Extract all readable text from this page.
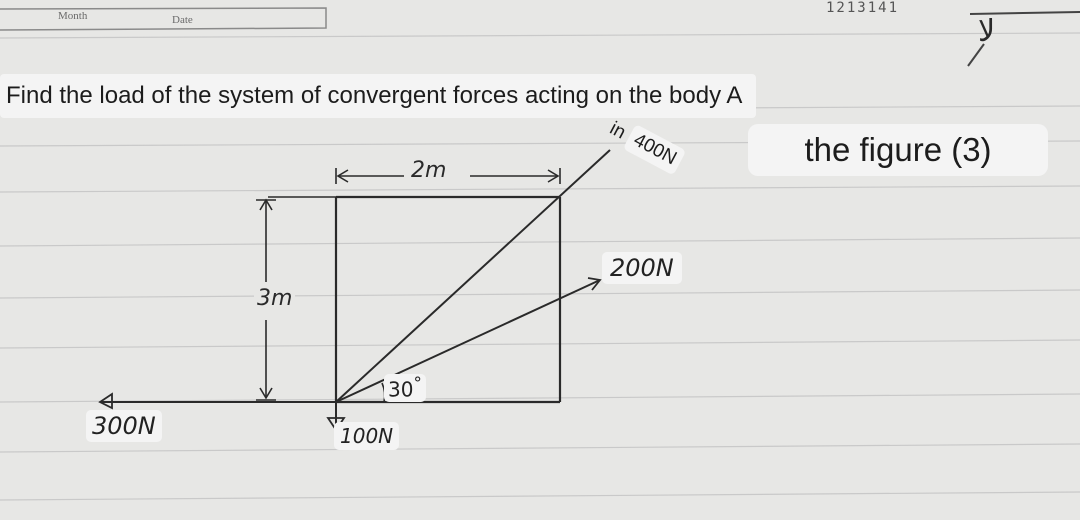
Month	Date
1213141
لا
Find the load of the system of convergent forces acting on the body A
in
the figure (3)
400N
200N
300N	100N
30°
2m
3m
